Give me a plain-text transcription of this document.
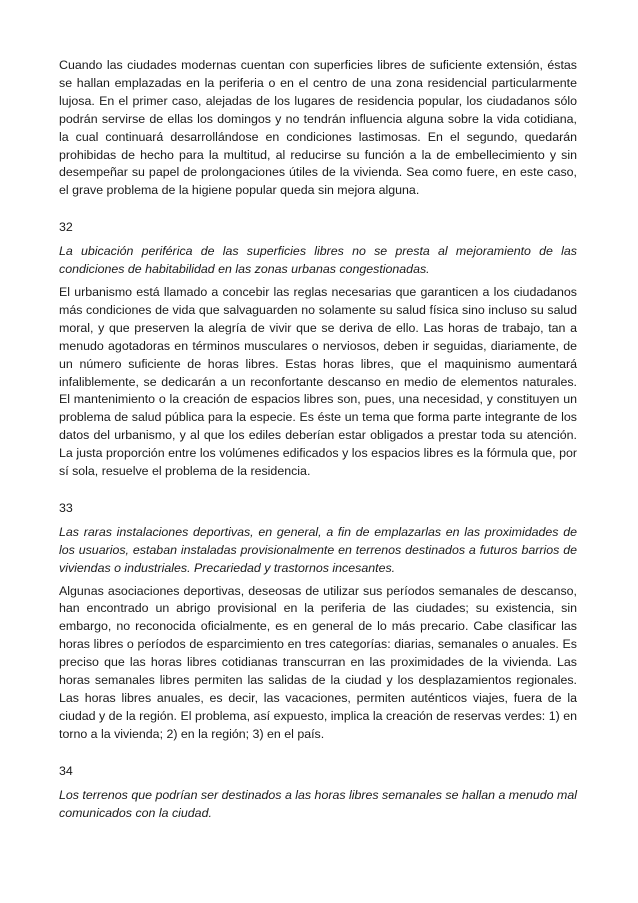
Cuando las ciudades modernas cuentan con superficies libres de suficiente extensión, éstas se hallan emplazadas en la periferia o en el centro de una zona residencial particularmente lujosa. En el primer caso, alejadas de los lugares de residencia popular, los ciudadanos sólo podrán servirse de ellas los domingos y no tendrán influencia alguna sobre la vida cotidiana, la cual continuará desarrollándose en condiciones lastimosas. En el segundo, quedarán prohibidas de hecho para la multitud, al reducirse su función a la de embellecimiento y sin desempeñar su papel de prolongaciones útiles de la vivienda. Sea como fuere, en este caso, el grave problema de la higiene popular queda sin mejora alguna.

32

La ubicación periférica de las superficies libres no se presta al mejoramiento de las condiciones de habitabilidad en las zonas urbanas congestionadas.

El urbanismo está llamado a concebir las reglas necesarias que garanticen a los ciudadanos más condiciones de vida que salvaguarden no solamente su salud física sino incluso su salud moral, y que preserven la alegría de vivir que se deriva de ello. Las horas de trabajo, tan a menudo agotadoras en términos musculares o nerviosos, deben ir seguidas, diariamente, de un número suficiente de horas libres. Estas horas libres, que el maquinismo aumentará infaliblemente, se dedicarán a un reconfortante descanso en medio de elementos naturales. El mantenimiento o la creación de espacios libres son, pues, una necesidad, y constituyen un problema de salud pública para la especie. Es éste un tema que forma parte integrante de los datos del urbanismo, y al que los ediles deberían estar obligados a prestar toda su atención. La justa proporción entre los volúmenes edificados y los espacios libres es la fórmula que, por sí sola, resuelve el problema de la residencia.

33

Las raras instalaciones deportivas, en general, a fin de emplazarlas en las proximidades de los usuarios, estaban instaladas provisionalmente en terrenos destinados a futuros barrios de viviendas o industriales. Precariedad y trastornos incesantes.

Algunas asociaciones deportivas, deseosas de utilizar sus períodos semanales de descanso, han encontrado un abrigo provisional en la periferia de las ciudades; su existencia, sin embargo, no reconocida oficialmente, es en general de lo más precario. Cabe clasificar las horas libres o períodos de esparcimiento en tres categorías: diarias, semanales o anuales. Es preciso que las horas libres cotidianas transcurran en las proximidades de la vivienda. Las horas semanales libres permiten las salidas de la ciudad y los desplazamientos regionales. Las horas libres anuales, es decir, las vacaciones, permiten auténticos viajes, fuera de la ciudad y de la región. El problema, así expuesto, implica la creación de reservas verdes: 1) en torno a la vivienda; 2) en la región; 3) en el país.

34

Los terrenos que podrían ser destinados a las horas libres semanales se hallan a menudo mal comunicados con la ciudad.
